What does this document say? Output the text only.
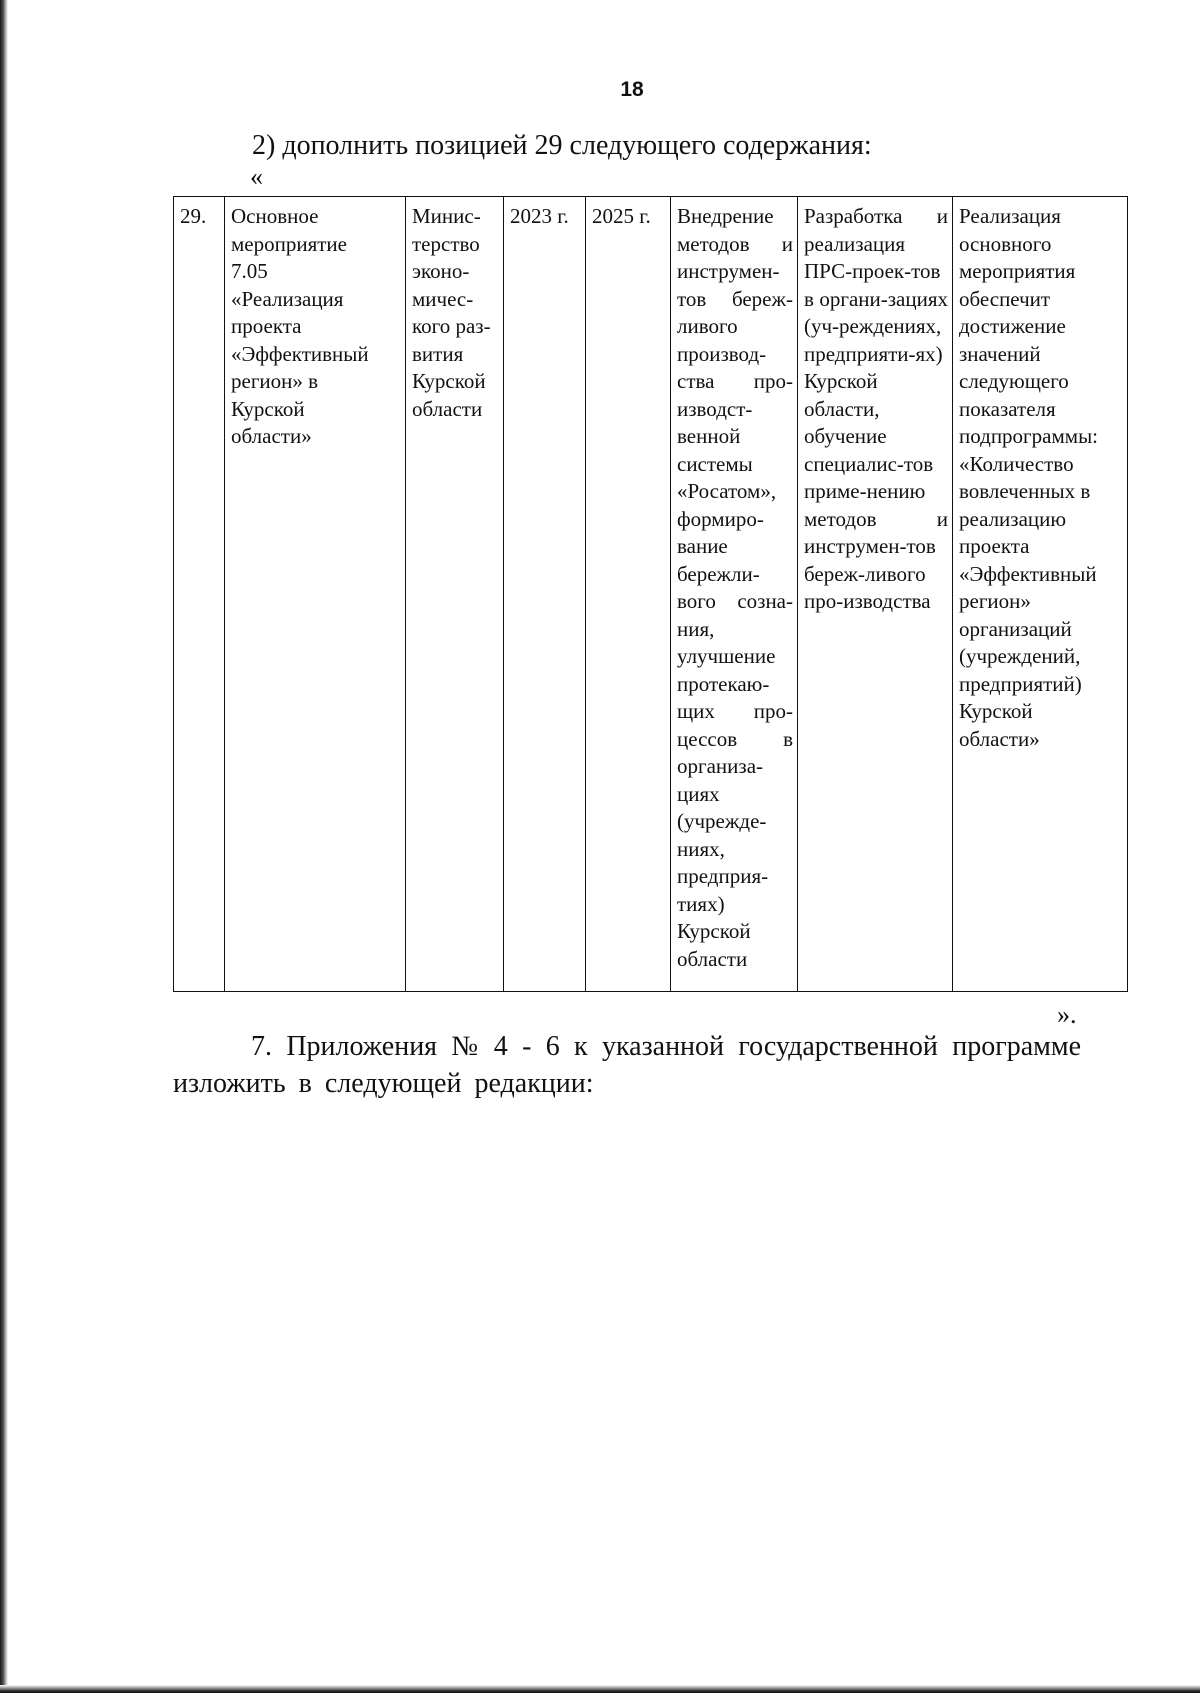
18
2) дополнить позицией 29 следующего содержания:
«
29.	Основное
мероприятие
7.05
«Реализация
проекта
«Эффективный
регион» в
Курской
области»	Минис-
терство
эконо-
мичес-
кого раз-
вития
Курской
области	2023 г.	2025 г.	Внедрение методов и инструмен-тов береж-ливого производ-ства про-изводст-венной системы «Росатом», формиро-вание бережли-вого созна-ния, улучшение протекаю-щих про-цессов в организа-циях (учрежде-ниях, предприя-тиях) Курской области	Разработка и реализация ПРС-проек-тов в органи-зациях (уч-реждениях, предприяти-ях) Курской области, обучение специалис-тов приме-нению методов и инструмен-тов береж-ливого про-изводства	Реализация
основного
мероприятия
обеспечит
достижение
значений
следующего
показателя
подпрограммы:
«Количество
вовлеченных в
реализацию
проекта
«Эффективный
регион»
организаций
(учреждений,
предприятий)
Курской
области»
».
7. Приложения № 4 - 6 к указанной государственной программе изложить в следующей редакции:
